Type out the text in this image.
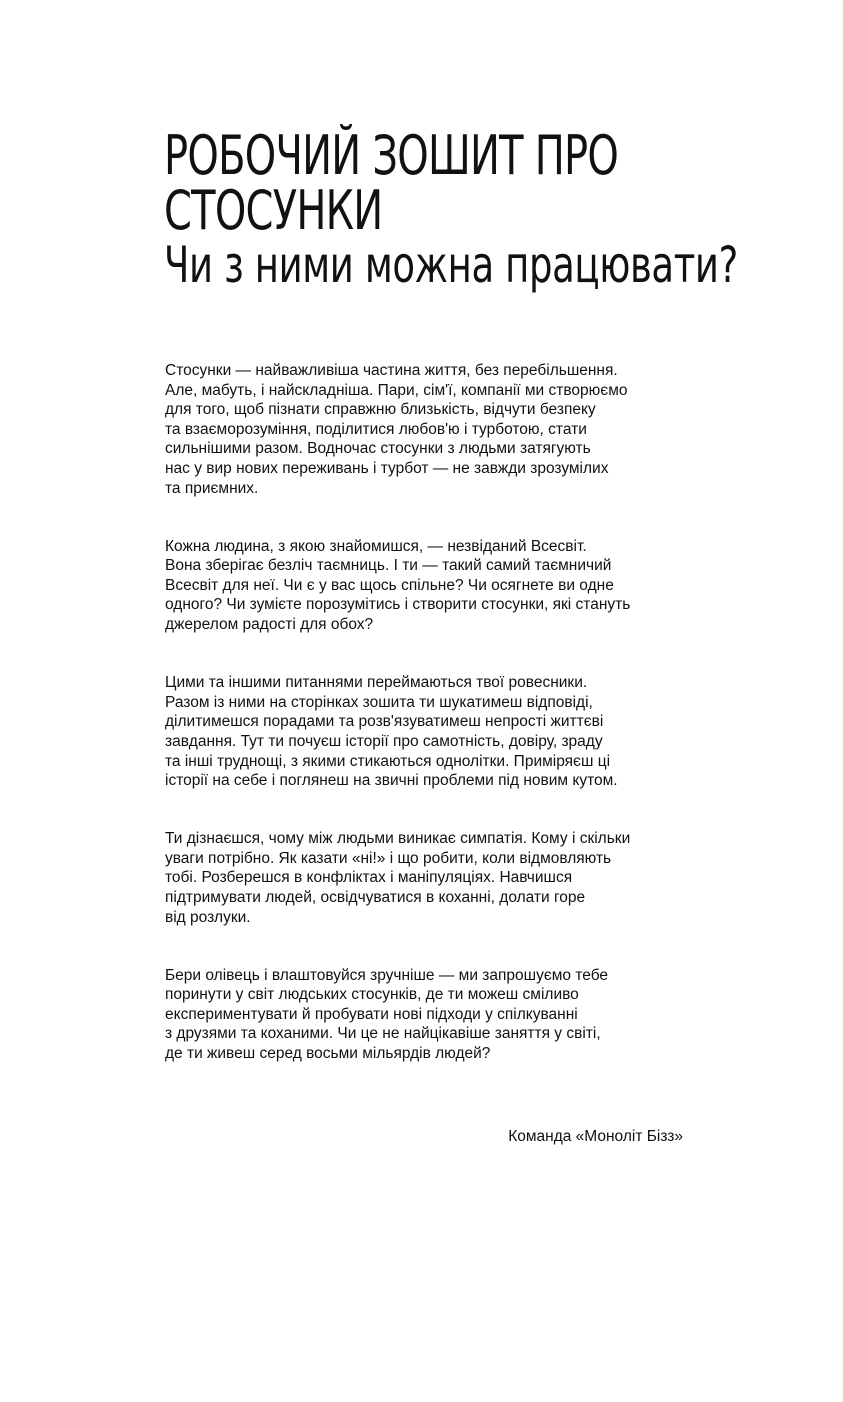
РОБОЧИЙ ЗОШИТ ПРО
СТОСУНКИ
Чи з ними можна працювати?
Стосунки — найважливіша частина життя, без перебільшення.
Але, мабуть, і найскладніша. Пари, сім'ї, компанії ми створюємо
для того, щоб пізнати справжню близькість, відчути безпеку
та взаєморозуміння, поділитися любов'ю і турботою, стати
сильнішими разом. Водночас стосунки з людьми затягують
нас у вир нових переживань і турбот — не завжди зрозумілих
та приємних.
Кожна людина, з якою знайомишся, — незвіданий Всесвіт.
Вона зберігає безліч таємниць. І ти — такий самий таємничий
Всесвіт для неї. Чи є у вас щось спільне? Чи осягнете ви одне
одного? Чи зумієте порозумітись і створити стосунки, які стануть
джерелом радості для обох?
Цими та іншими питаннями переймаються твої ровесники.
Разом із ними на сторінках зошита ти шукатимеш відповіді,
ділитимешся порадами та розв'язуватимеш непрості життєві
завдання. Тут ти почуєш історії про самотність, довіру, зраду
та інші труднощі, з якими стикаються однолітки. Приміряєш ці
історії на себе і поглянеш на звичні проблеми під новим кутом.
Ти дізнаєшся, чому між людьми виникає симпатія. Кому і скільки
уваги потрібно. Як казати «ні!» і що робити, коли відмовляють
тобі. Розберешся в конфліктах і маніпуляціях. Навчишся
підтримувати людей, освідчуватися в коханні, долати горе
від розлуки.
Бери олівець і влаштовуйся зручніше — ми запрошуємо тебе
поринути у світ людських стосунків, де ти можеш сміливо
експериментувати й пробувати нові підходи у спілкуванні
з друзями та коханими. Чи це не найцікавіше заняття у світі,
де ти живеш серед восьми мільярдів людей?
Команда «Моноліт Бізз»
